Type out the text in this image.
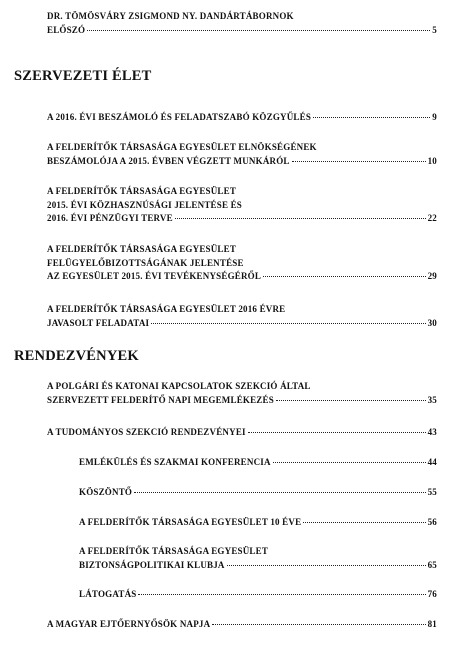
DR. TÖMÖSVÁRY ZSIGMOND NY. DANDÁRTÁBORNOK
ELŐSZÓ	5
SZERVEZETI ÉLET
A 2016. ÉVI BESZÁMOLÓ ÉS FELADATSZABÓ KÖZGYŰLÉS	9
A FELDERÍTŐK TÁRSASÁGA EGYESÜLET ELNÖKSÉGÉNEK
BESZÁMOLÓJA A 2015. ÉVBEN VÉGZETT MUNKÁRÓL	10
A FELDERÍTŐK TÁRSASÁGA EGYESÜLET
2015. ÉVI KÖZHASZNÚSÁGI JELENTÉSE ÉS
2016. ÉVI PÉNZÜGYI TERVE	22
A FELDERÍTŐK TÁRSASÁGA EGYESÜLET
FELÜGYELŐBIZOTTSÁGÁNAK JELENTÉSE
AZ EGYESÜLET 2015. ÉVI TEVÉKENYSÉGÉRŐL	29
A FELDERÍTŐK TÁRSASÁGA EGYESÜLET 2016 ÉVRE
JAVASOLT FELADATAI	30
RENDEZVÉNYEK
A POLGÁRI ÉS KATONAI KAPCSOLATOK SZEKCIÓ ÁLTAL
SZERVEZETT FELDERÍTŐ NAPI MEGEMLÉKEZÉS	35
A TUDOMÁNYOS SZEKCIÓ RENDEZVÉNYEI	43
EMLÉKÜLÉS ÉS SZAKMAI KONFERENCIA	44
KÖSZÖNTŐ	55
A FELDERÍTŐK TÁRSASÁGA EGYESÜLET 10 ÉVE	56
A FELDERÍTŐK TÁRSASÁGA EGYESÜLET
BIZTONSÁGPOLITIKAI KLUBJA	65
LÁTOGATÁS	76
A MAGYAR EJTŐERNYŐSÖK NAPJA	81
